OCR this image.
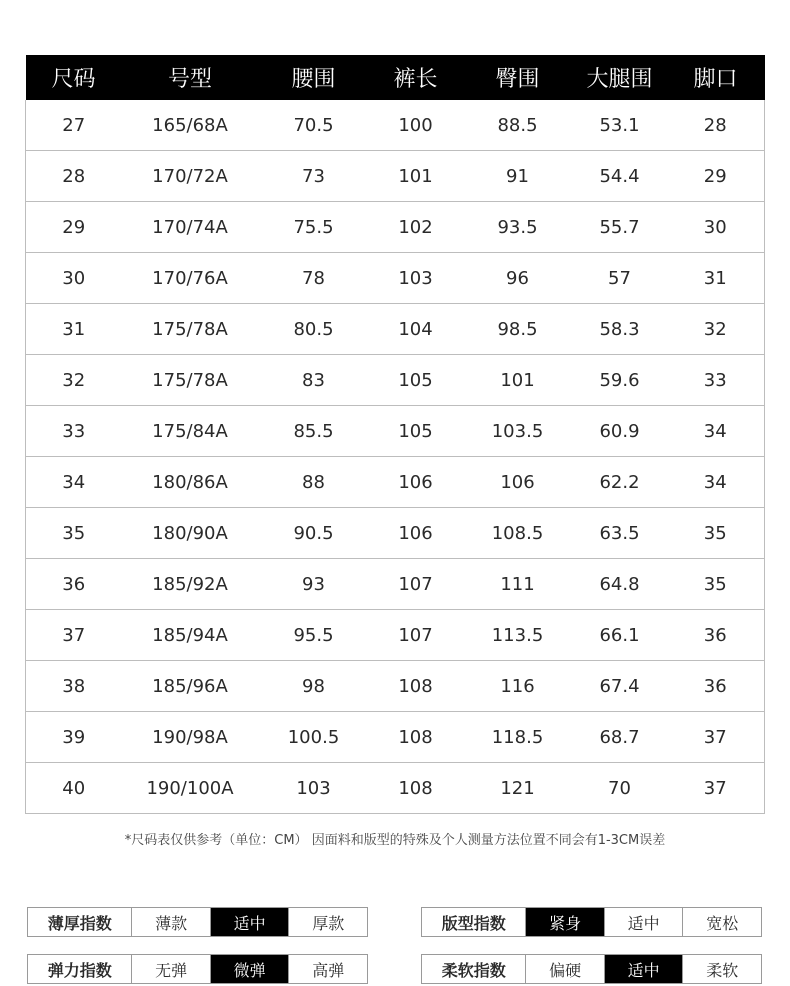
尺码	号型	腰围	裤长	臀围	大腿围	脚口
27	165/68A	70.5	100	88.5	53.1	28
28	170/72A	73	101	91	54.4	29
29	170/74A	75.5	102	93.5	55.7	30
30	170/76A	78	103	96	57	31
31	175/78A	80.5	104	98.5	58.3	32
32	175/78A	83	105	101	59.6	33
33	175/84A	85.5	105	103.5	60.9	34
34	180/86A	88	106	106	62.2	34
35	180/90A	90.5	106	108.5	63.5	35
36	185/92A	93	107	111	64.8	35
37	185/94A	95.5	107	113.5	66.1	36
38	185/96A	98	108	116	67.4	36
39	190/98A	100.5	108	118.5	68.7	37
40	190/100A	103	108	121	70	37
*尺码表仅供参考（单位：CM） 因面料和版型的特殊及个人测量方法位置不同会有1-3CM误差
薄厚指数	薄款	适中	厚款	版型指数	紧身	适中	宽松
弹力指数	无弹	微弹	高弹	柔软指数	偏硬	适中	柔软
